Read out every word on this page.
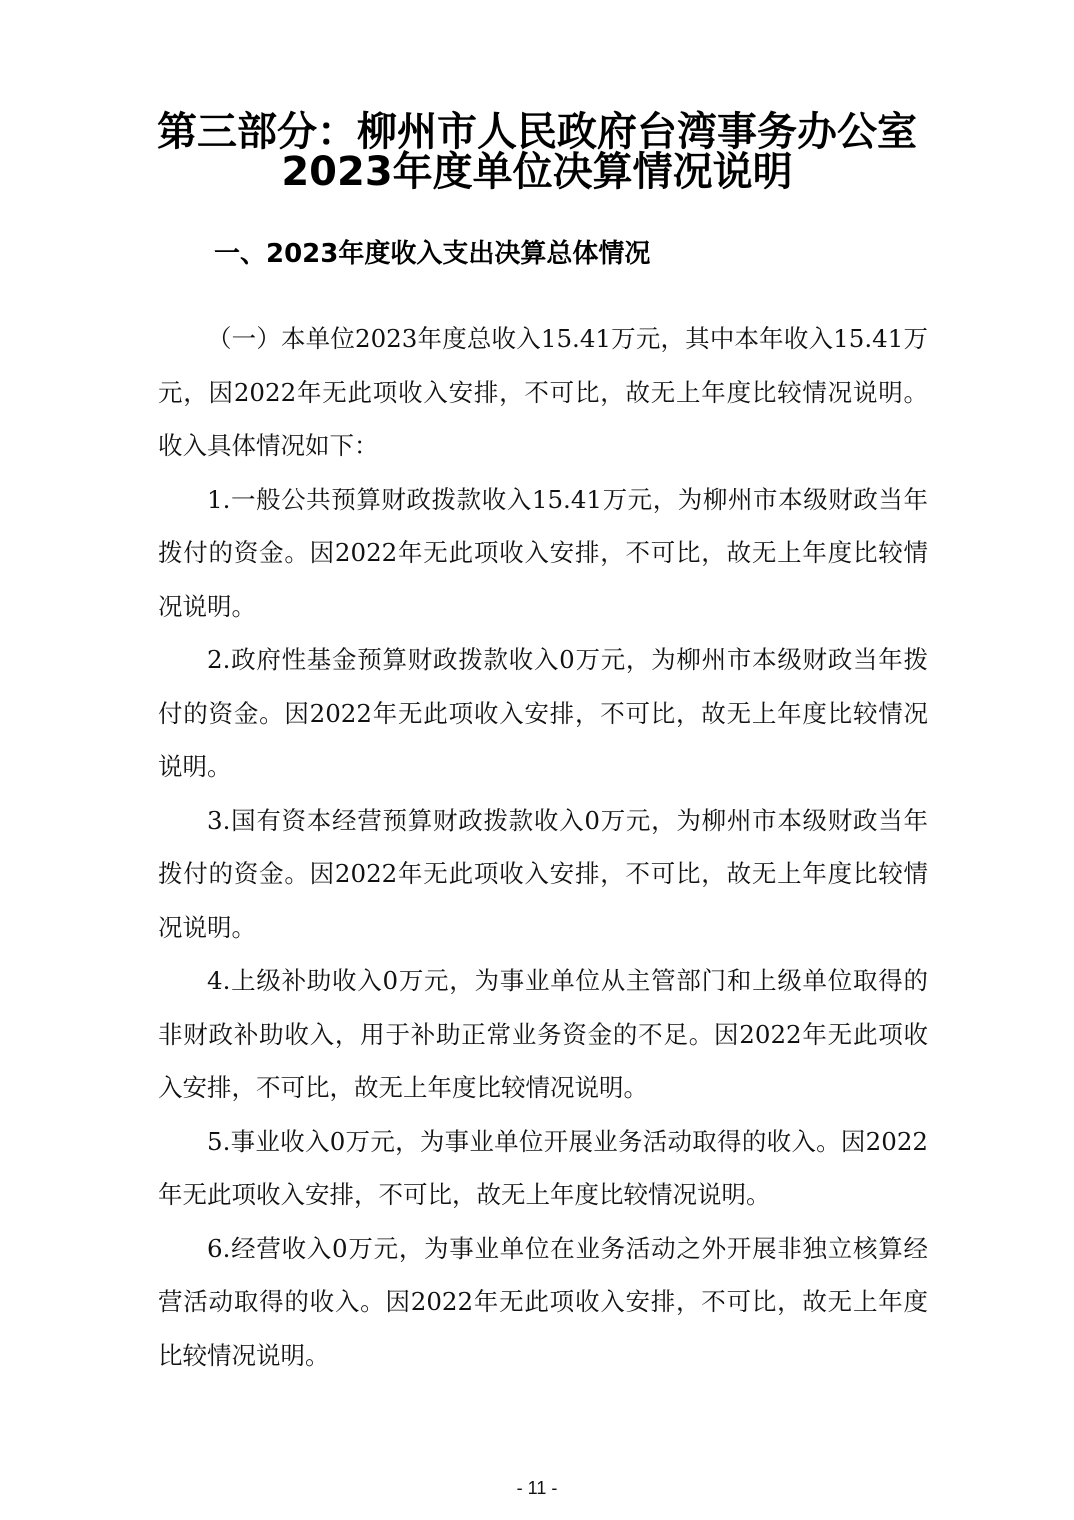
第三部分：柳州市人民政府台湾事务办公室
2023年度单位决算情况说明
一、2023年度收入支出决算总体情况

（一）本单位2023年度总收入15.41万元，其中本年收入15.41万元，因2022年无此项收入安排，不可比，故无上年度比较情况说明。收入具体情况如下：

1.一般公共预算财政拨款收入15.41万元，为柳州市本级财政当年拨付的资金。因2022年无此项收入安排，不可比，故无上年度比较情况说明。

2.政府性基金预算财政拨款收入0万元，为柳州市本级财政当年拨付的资金。因2022年无此项收入安排，不可比，故无上年度比较情况说明。

3.国有资本经营预算财政拨款收入0万元，为柳州市本级财政当年拨付的资金。因2022年无此项收入安排，不可比，故无上年度比较情况说明。

4.上级补助收入0万元，为事业单位从主管部门和上级单位取得的非财政补助收入，用于补助正常业务资金的不足。因2022年无此项收入安排，不可比，故无上年度比较情况说明。

5.事业收入0万元，为事业单位开展业务活动取得的收入。因2022年无此项收入安排，不可比，故无上年度比较情况说明。

6.经营收入0万元，为事业单位在业务活动之外开展非独立核算经营活动取得的收入。因2022年无此项收入安排，不可比，故无上年度比较情况说明。

- 11 -
